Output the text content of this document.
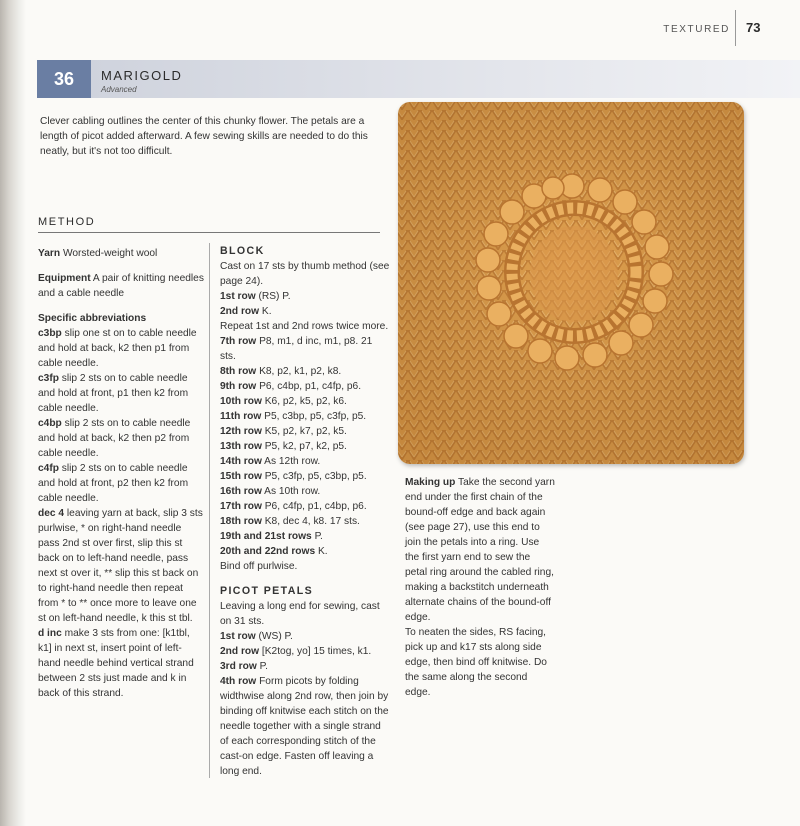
TEXTURED 73
36	MARIGOLD
Advanced

Clever cabling outlines the center of this chunky flower. The petals are a length of picot added afterward. A few sewing skills are needed to do this neatly, but it's not too difficult.

METHOD

Yarn Worsted-weight wool

Equipment A pair of knitting needles and a cable needle

Specific abbreviations

c3bp slip one st on to cable needle and hold at back, k2 then p1 from cable needle.

c3fp slip 2 sts on to cable needle and hold at front, p1 then k2 from cable needle.

c4bp slip 2 sts on to cable needle and hold at back, k2 then p2 from cable needle.

c4fp slip 2 sts on to cable needle and hold at front, p2 then k2 from cable needle.

dec 4 leaving yarn at back, slip 3 sts purlwise, * on right-hand needle pass 2nd st over first, slip this st back on to left-hand needle, pass next st over it, ** slip this st back on to right-hand needle then repeat from * to ** once more to leave one st on left-hand needle, k this st tbl.

d inc make 3 sts from one: [k1tbl, k1] in next st, insert point of left-hand needle behind vertical strand between 2 sts just made and k in back of this strand.

BLOCK

Cast on 17 sts by thumb method (see page 24).

1st row (RS) P.

2nd row K.

Repeat 1st and 2nd rows twice more.

7th row P8, m1, d inc, m1, p8. 21 sts.

8th row K8, p2, k1, p2, k8.

9th row P6, c4bp, p1, c4fp, p6.

10th row K6, p2, k5, p2, k6.

11th row P5, c3bp, p5, c3fp, p5.

12th row K5, p2, k7, p2, k5.

13th row P5, k2, p7, k2, p5.

14th row As 12th row.

15th row P5, c3fp, p5, c3bp, p5.

16th row As 10th row.

17th row P6, c4fp, p1, c4bp, p6.

18th row K8, dec 4, k8. 17 sts.

19th and 21st rows P.

20th and 22nd rows K.

Bind off purlwise.

PICOT PETALS

Leaving a long end for sewing, cast on 31 sts.

1st row (WS) P.

2nd row [K2tog, yo] 15 times, k1.

3rd row P.

4th row Form picots by folding widthwise along 2nd row, then join by binding off knitwise each stitch on the needle together with a single strand of each corresponding stitch of the cast-on edge. Fasten off leaving a long end.

Making up Take the second yarn end under the first chain of the bound-off edge and back again (see page 27), use this end to join the petals into a ring. Use the first yarn end to sew the petal ring around the cabled ring, making a backstitch underneath alternate chains of the bound-off edge.

To neaten the sides, RS facing, pick up and k17 sts along side edge, then bind off knitwise. Do the same along the second edge.
